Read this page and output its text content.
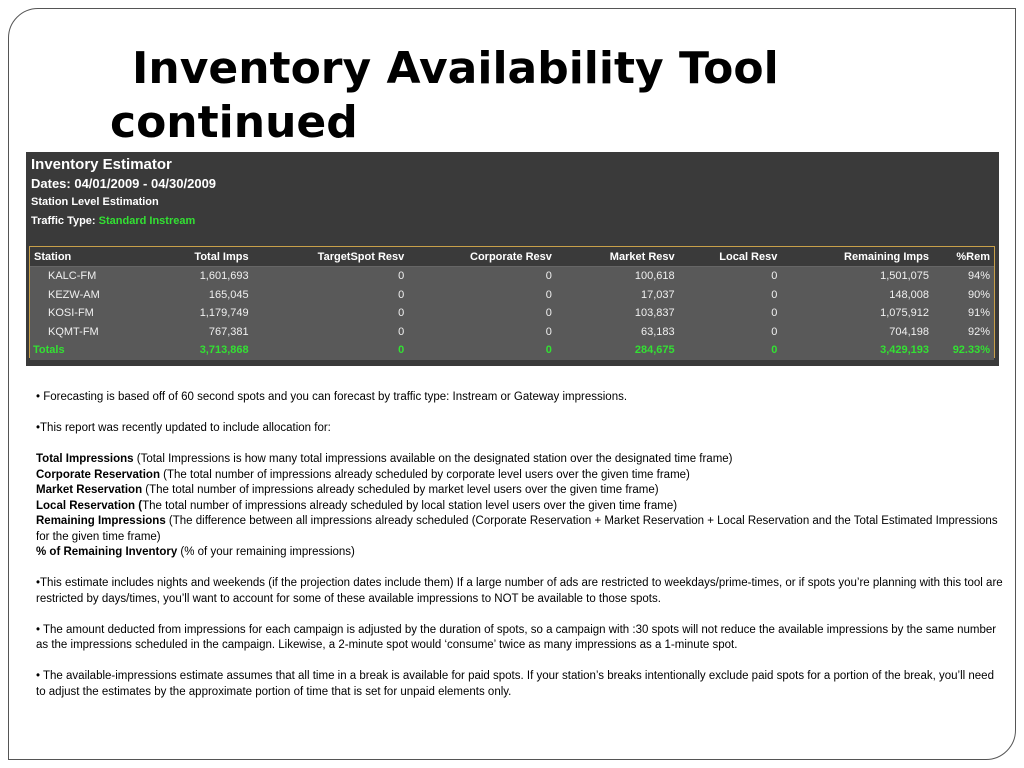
Inventory Availability Tool
continued
Inventory Estimator
Dates: 04/01/2009 - 04/30/2009
Station Level Estimation
Traffic Type: Standard Instream
Station	Total Imps	TargetSpot Resv	Corporate Resv	Market Resv	Local Resv	Remaining Imps	%Rem
KALC-FM	1,601,693	0	0	100,618	0	1,501,075	94%
KEZW-AM	165,045	0	0	17,037	0	148,008	90%
KOSI-FM	1,179,749	0	0	103,837	0	1,075,912	91%
KQMT-FM	767,381	0	0	63,183	0	704,198	92%
Totals	3,713,868	0	0	284,675	0	3,429,193	92.33%

• Forecasting is based off of 60 second spots and you can forecast by traffic type: Instream or Gateway impressions.

•This report was recently updated to include allocation for:

Total Impressions (Total Impressions is how many total impressions available on the designated station over the designated time frame)

Corporate Reservation (The total number of impressions already scheduled by corporate level users over the given time frame)

Market Reservation (The total number of impressions already scheduled by market level users over the given time frame)

Local Reservation (The total number of impressions already scheduled by local station level users over the given time frame)

Remaining Impressions (The difference between all impressions already scheduled (Corporate Reservation + Market Reservation + Local Reservation and the Total Estimated Impressions for the given time frame)

% of Remaining Inventory (% of your remaining impressions)

•This estimate includes nights and weekends (if the projection dates include them) If a large number of ads are restricted to weekdays/prime-times, or if spots you’re planning with this tool are restricted by days/times, you’ll want to account for some of these available impressions to NOT be available to those spots.

• The amount deducted from impressions for each campaign is adjusted by the duration of spots, so a campaign with :30 spots will not reduce the available impressions by the same number as the impressions scheduled in the campaign. Likewise, a 2-minute spot would ‘consume’ twice as many impressions as a 1-minute spot.

• The available-impressions estimate assumes that all time in a break is available for paid spots. If your station’s breaks intentionally exclude paid spots for a portion of the break, you’ll need to adjust the estimates by the approximate portion of time that is set for unpaid elements only.
